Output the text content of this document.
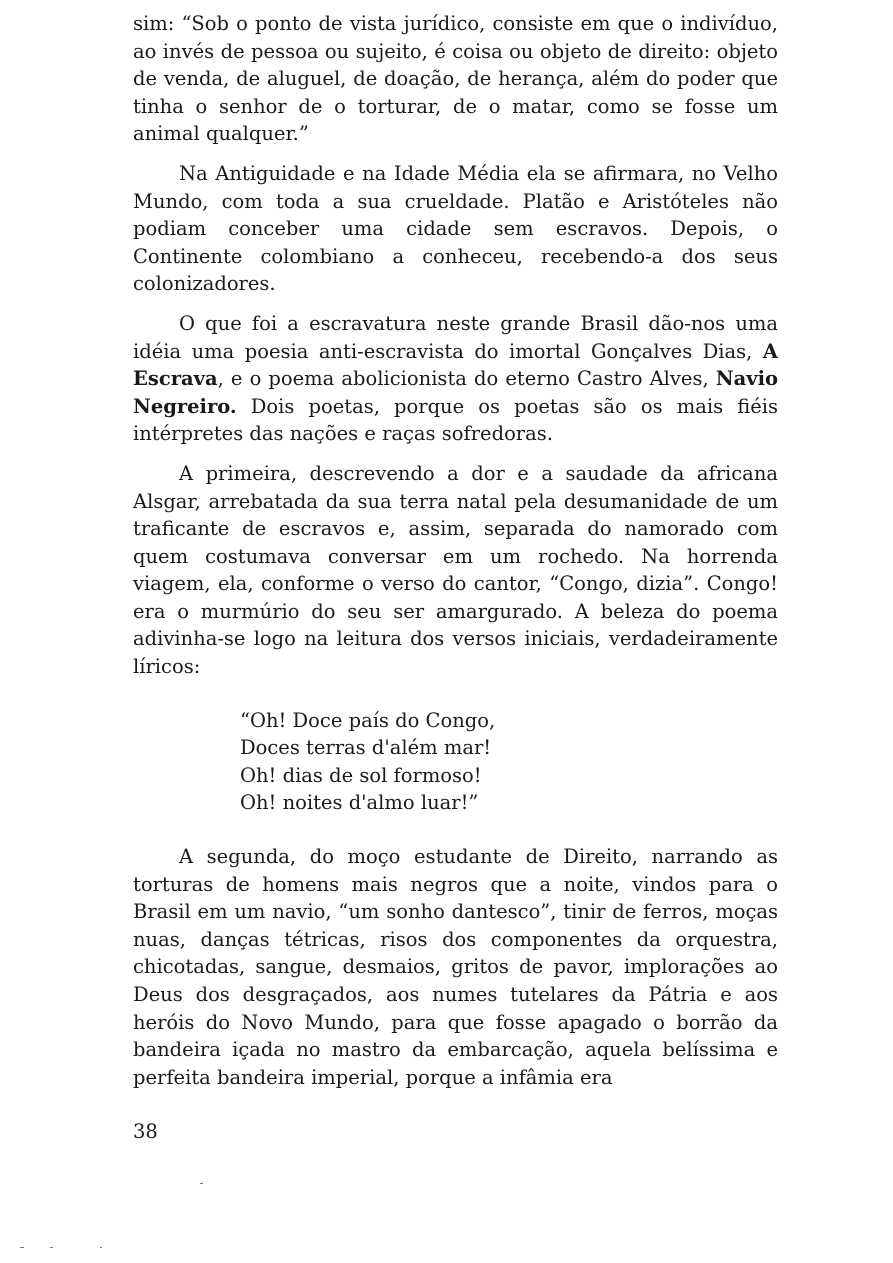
sim: “Sob o ponto de vista jurídico, consiste em que o indivíduo, ao invés de pessoa ou sujeito, é coisa ou objeto de direito: objeto de venda, de aluguel, de doação, de herança, além do poder que tinha o senhor de o torturar, de o matar, como se fosse um animal qualquer.”

Na Antiguidade e na Idade Média ela se afirmara, no Velho Mundo, com toda a sua crueldade. Platão e Aristóteles não podiam conceber uma cidade sem escravos. Depois, o Continente colombiano a conheceu, recebendo-a dos seus colonizadores.

O que foi a escravatura neste grande Brasil dão-nos uma idéia uma poesia anti-escravista do imortal Gonçalves Dias, A Escrava, e o poema abolicionista do eterno Castro Alves, Navio Negreiro. Dois poetas, porque os poetas são os mais fiéis intérpretes das nações e raças sofredoras.

A primeira, descrevendo a dor e a saudade da africana Alsgar, arrebatada da sua terra natal pela desumanidade de um traficante de escravos e, assim, separada do namorado com quem costumava conversar em um rochedo. Na horrenda viagem, ela, conforme o verso do cantor, “Congo, dizia”. Congo! era o murmúrio do seu ser amargurado. A beleza do poema adivinha-se logo na leitura dos versos iniciais, verdadeiramente líricos:

“Oh! Doce país do Congo,
Doces terras d'além mar!
Oh! dias de sol formoso!
Oh! noites d'almo luar!”

A segunda, do moço estudante de Direito, narrando as torturas de homens mais negros que a noite, vindos para o Brasil em um navio, “um sonho dantesco”, tinir de ferros, moças nuas, danças tétricas, risos dos componentes da orquestra, chicotadas, sangue, desmaios, gritos de pavor, implorações ao Deus dos desgraçados, aos numes tutelares da Pátria e aos heróis do Novo Mundo, para que fosse apagado o borrão da bandeira içada no mastro da embarcação, aquela belíssima e perfeita bandeira imperial, porque a infâmia era

38
